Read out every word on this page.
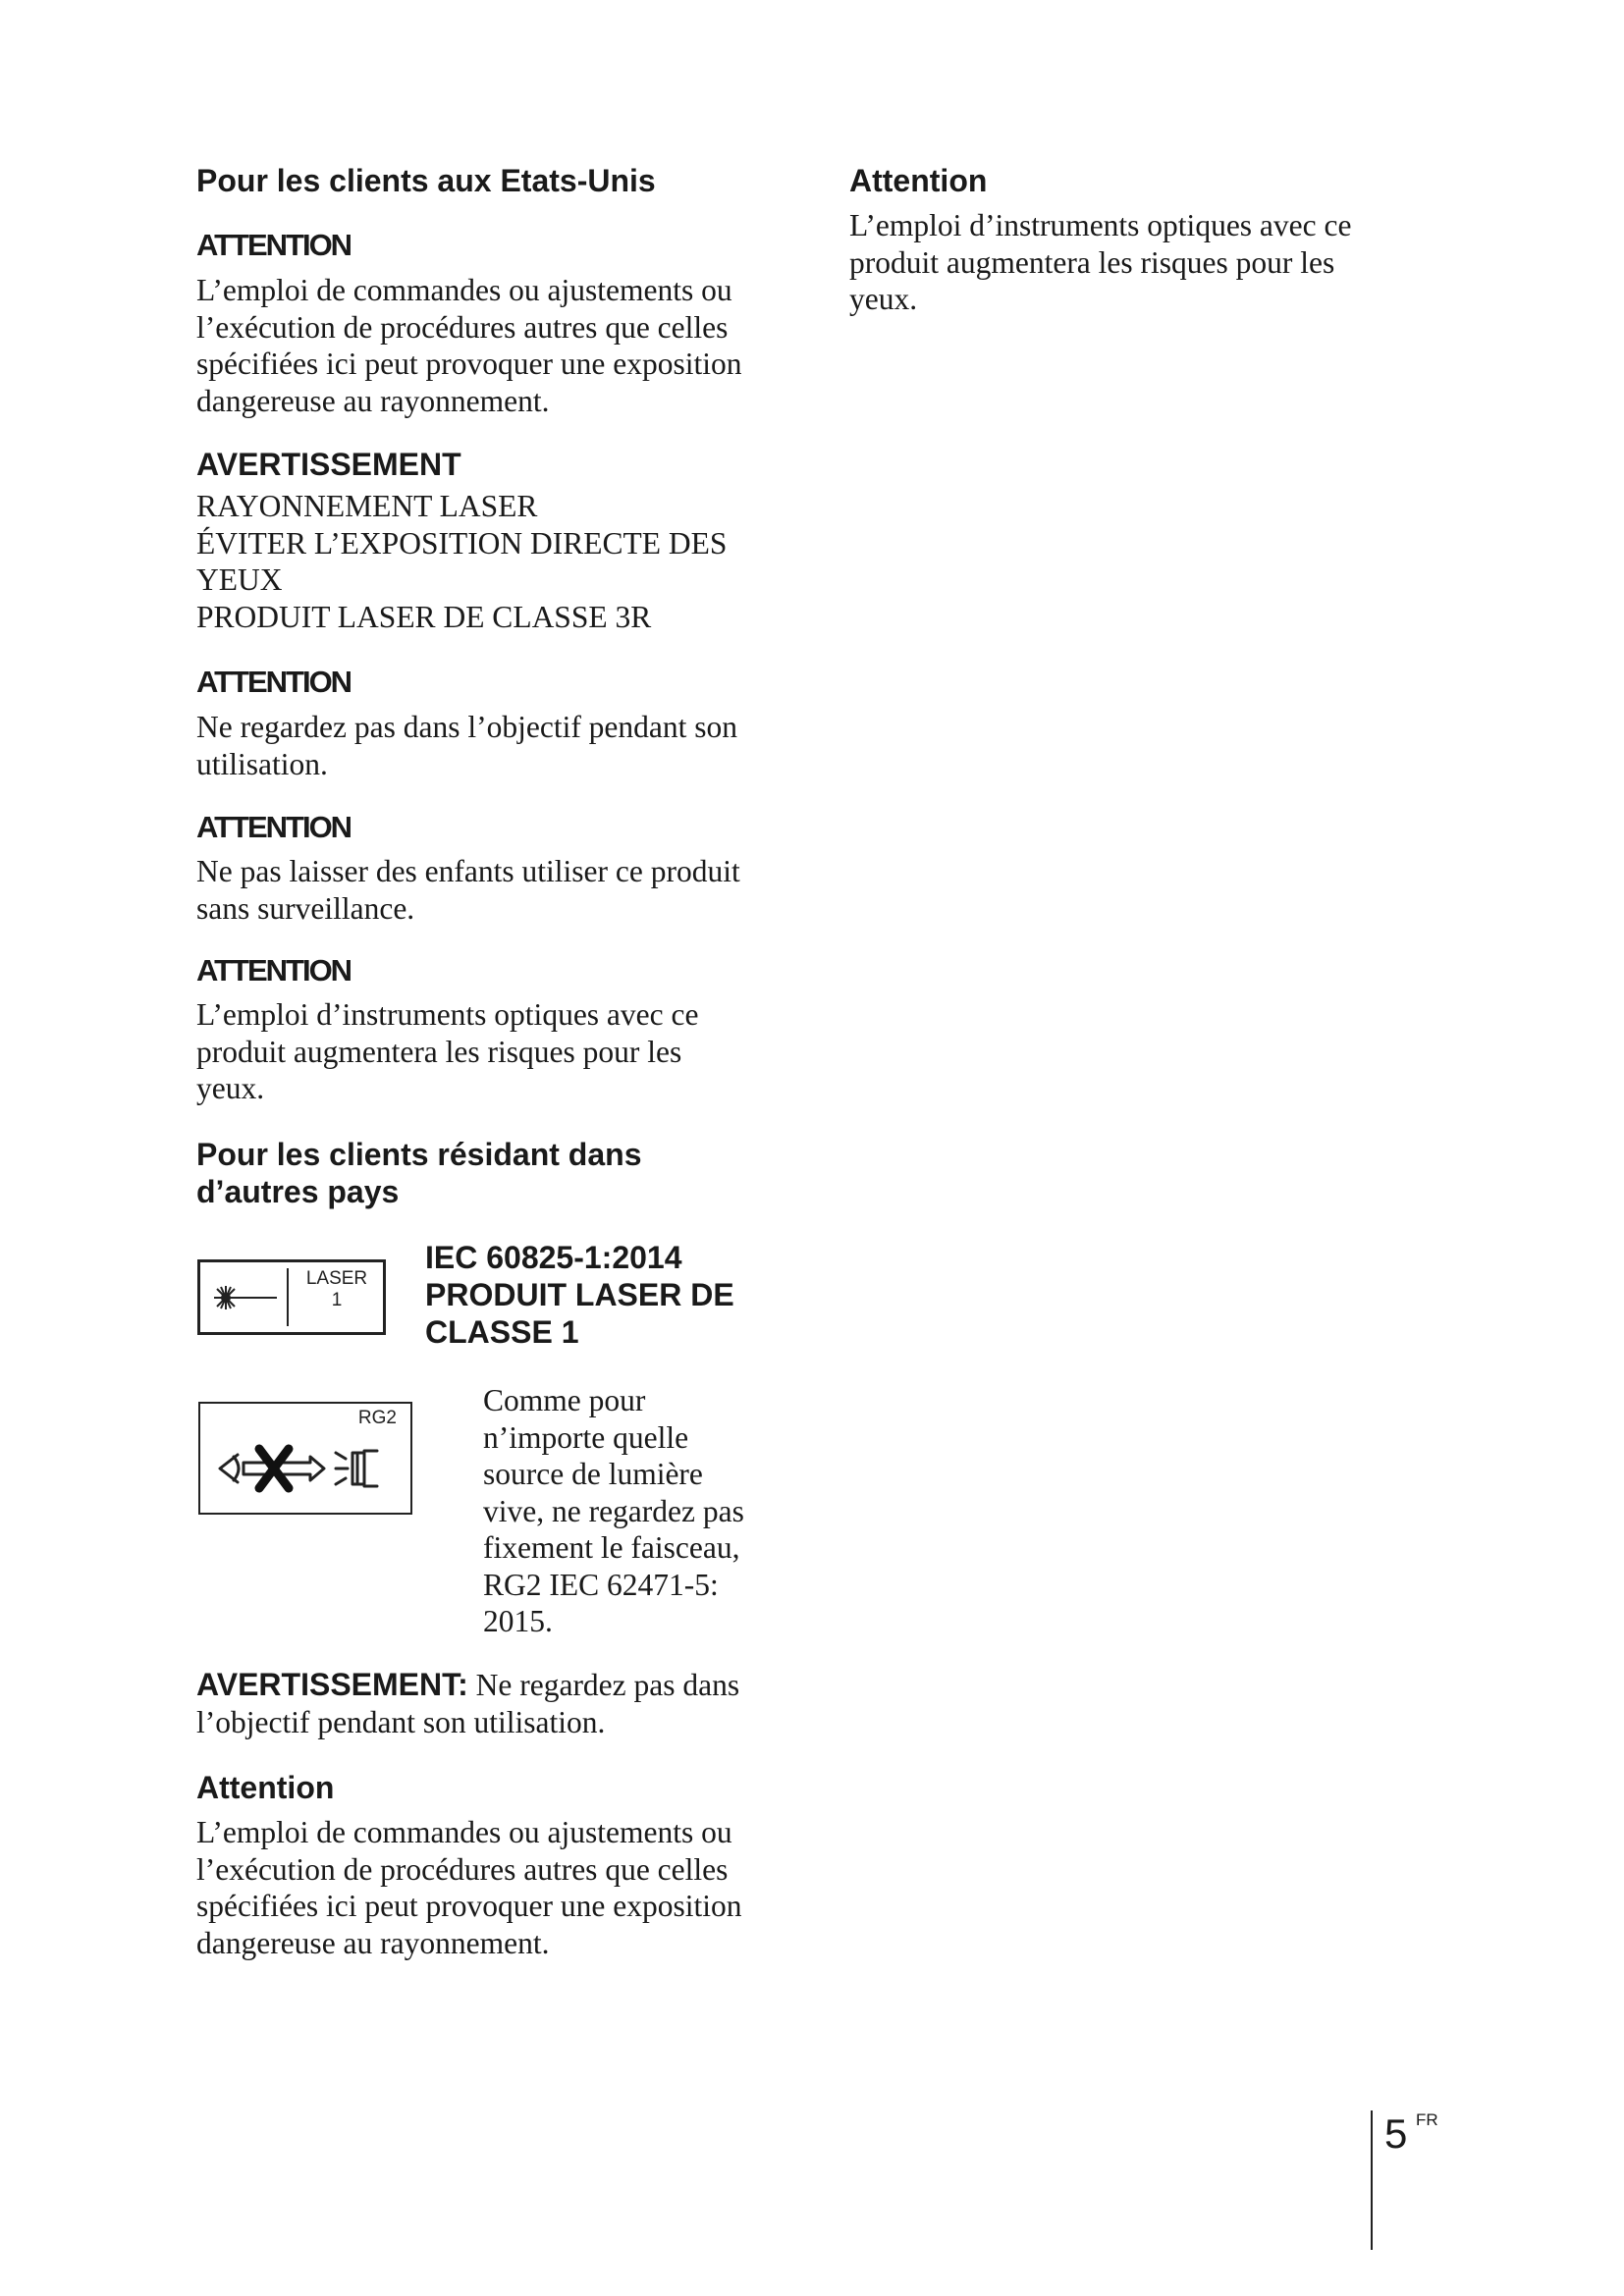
Pour les clients aux Etats-Unis
ATTENTION

L’emploi de commandes ou ajustements ou

l’exécution de procédures autres que celles

spécifiées ici peut provoquer une exposition

dangereuse au rayonnement.

AVERTISSEMENT

RAYONNEMENT LASER

ÉVITER L’EXPOSITION DIRECTE DES

YEUX

PRODUIT LASER DE CLASSE 3R

ATTENTION

Ne regardez pas dans l’objectif pendant son

utilisation.

ATTENTION

Ne pas laisser des enfants utiliser ce produit

sans surveillance.

ATTENTION

L’emploi d’instruments optiques avec ce

produit augmentera les risques pour les

yeux.

Pour les clients résidant dans
d’autres pays
LASER
1
IEC 60825-1:2014
PRODUIT LASER DE
CLASSE 1
RG2

Comme pour

n’importe quelle

source de lumière

vive, ne regardez pas

fixement le faisceau,

RG2 IEC 62471-5:

2015.

AVERTISSEMENT: Ne regardez pas dans

l’objectif pendant son utilisation.

Attention

L’emploi de commandes ou ajustements ou

l’exécution de procédures autres que celles

spécifiées ici peut provoquer une exposition

dangereuse au rayonnement.

Attention

L’emploi d’instruments optiques avec ce

produit augmentera les risques pour les

yeux.

5 FR
